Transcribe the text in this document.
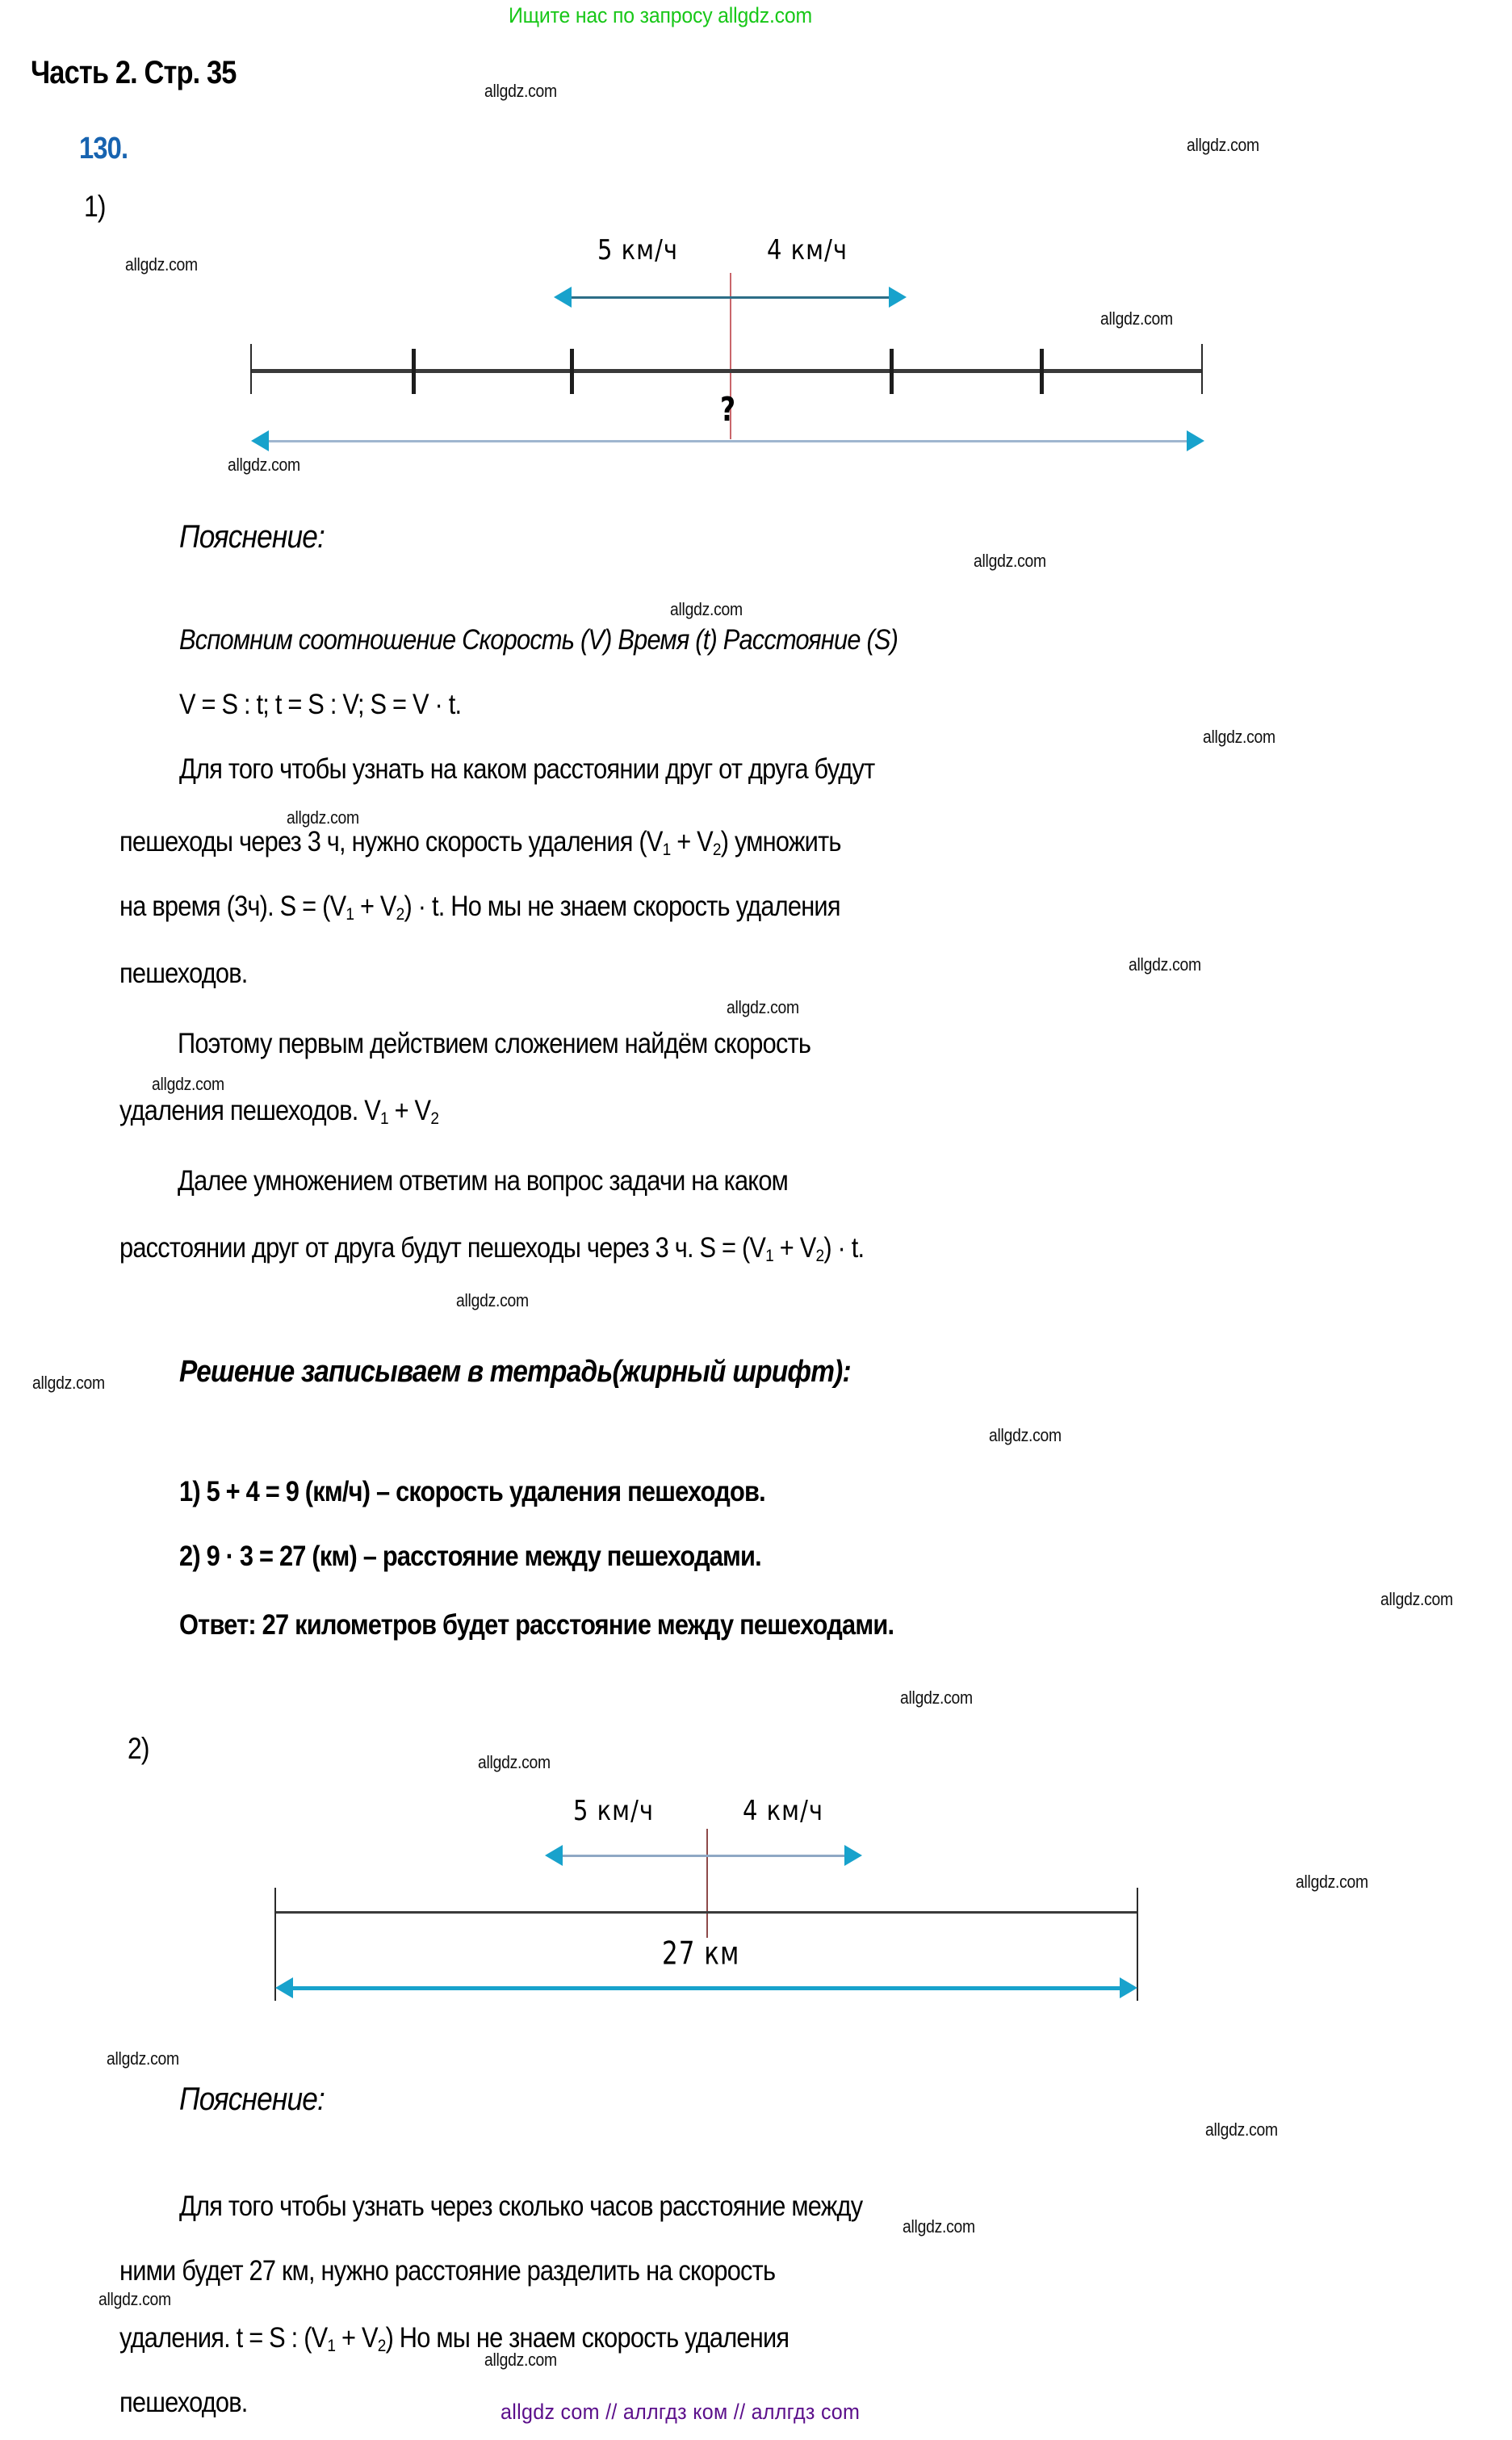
Ищите нас по запросу allgdz.com
Часть 2. Стр. 35
130.
1)
5 км/ч	4 км/ч
?
Пояснение:
Вспомним соотношение Скорость (V) Время (t) Расстояние (S)
V = S : t; t = S : V; S = V · t.
Для того чтобы узнать на каком расстоянии друг от друга будут
пешеходы через 3 ч, нужно скорость удаления $(V_1 + V_2)$ умножить
на время (3ч). $S = (V_1 + V_2) \cdot t$. Но мы не знаем скорость удаления
пешеходов.
Поэтому первым действием сложением найдём скорость
удаления пешеходов. $V_1 + V_2$
Далее умножением ответим на вопрос задачи на каком
расстоянии друг от друга будут пешеходы через 3 ч. $S = (V_1 + V_2) \cdot t$.
Решение записываем в тетрадь(жирный шрифт):
1) 5 + 4 = 9 (км/ч) – скорость удаления пешеходов.
2) 9 · 3 = 27 (км) – расстояние между пешеходами.
Ответ: 27 километров будет расстояние между пешеходами.
2)
5 км/ч	4 км/ч
27 км
Пояснение:
Для того чтобы узнать через сколько часов расстояние между
ними будет 27 км, нужно расстояние разделить на скорость
удаления. t = S : $(V_1 + V_2)$ Но мы не знаем скорость удаления
пешеходов.	allgdz com // аллгдз ком // аллгдз com
allgdz.com
allgdz.com
allgdz.com
allgdz.com
allgdz.com
allgdz.com
allgdz.com
allgdz.com
allgdz.com
allgdz.com
allgdz.com
allgdz.com
allgdz.com
allgdz.com
allgdz.com
allgdz.com
allgdz.com
allgdz.com
allgdz.com
allgdz.com
allgdz.com
allgdz.com
allgdz.com
allgdz.com
